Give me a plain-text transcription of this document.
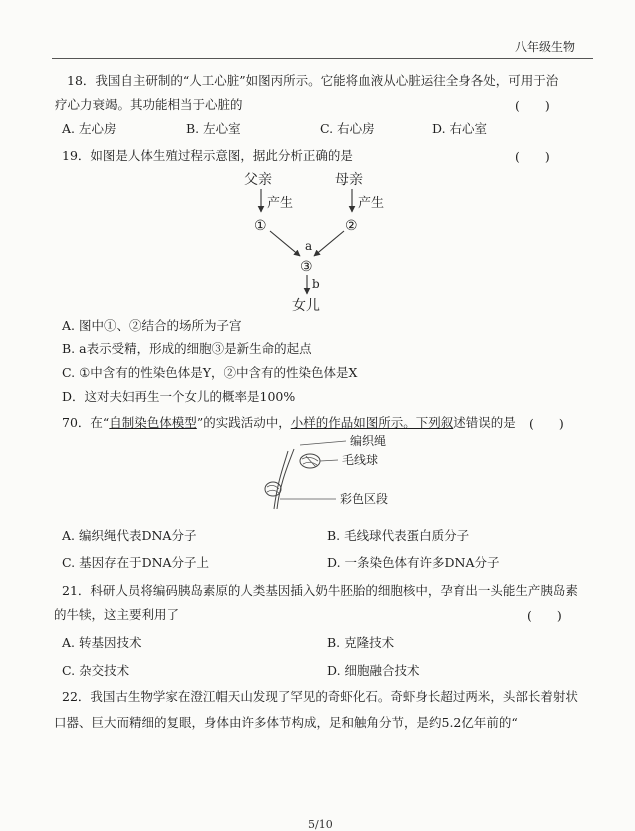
八年级生物
18．我国自主研制的“人工心脏”如图丙所示。它能将血液从心脏运往全身各处，可用于治
疗心力衰竭。其功能相当于心脏的	(　　)
A. 左心房	B. 左心室	C. 右心房	D. 右心室
19．如图是人体生殖过程示意图，据此分析正确的是	(　　)
父亲	母亲
产生	产生
①	②
a
③
b
女儿
A. 图中①、②结合的场所为子宫
B. a表示受精，形成的细胞③是新生命的起点
C. ①中含有的性染色体是Y，②中含有的性染色体是X
D．这对夫妇再生一个女儿的概率是100%
70．在“自制染色体模型”的实践活动中，小样的作品如图所示。下列叙述错误的是 (　　)
编织绳
毛线球
彩色区段
A. 编织绳代表DNA分子	B. 毛线球代表蛋白质分子
C. 基因存在于DNA分子上	D. 一条染色体有许多DNA分子
21．科研人员将编码胰岛素原的人类基因插入奶牛胚胎的细胞核中，孕育出一头能生产胰岛素
的牛犊，这主要利用了	(　　)
A. 转基因技术	B. 克隆技术
C. 杂交技术	D. 细胞融合技术
22．我国古生物学家在澄江帽天山发现了罕见的奇虾化石。奇虾身长超过两米，头部长着射状
口器、巨大而精细的复眼，身体由许多体节构成，足和触角分节，是约5.2亿年前的“
5/10
